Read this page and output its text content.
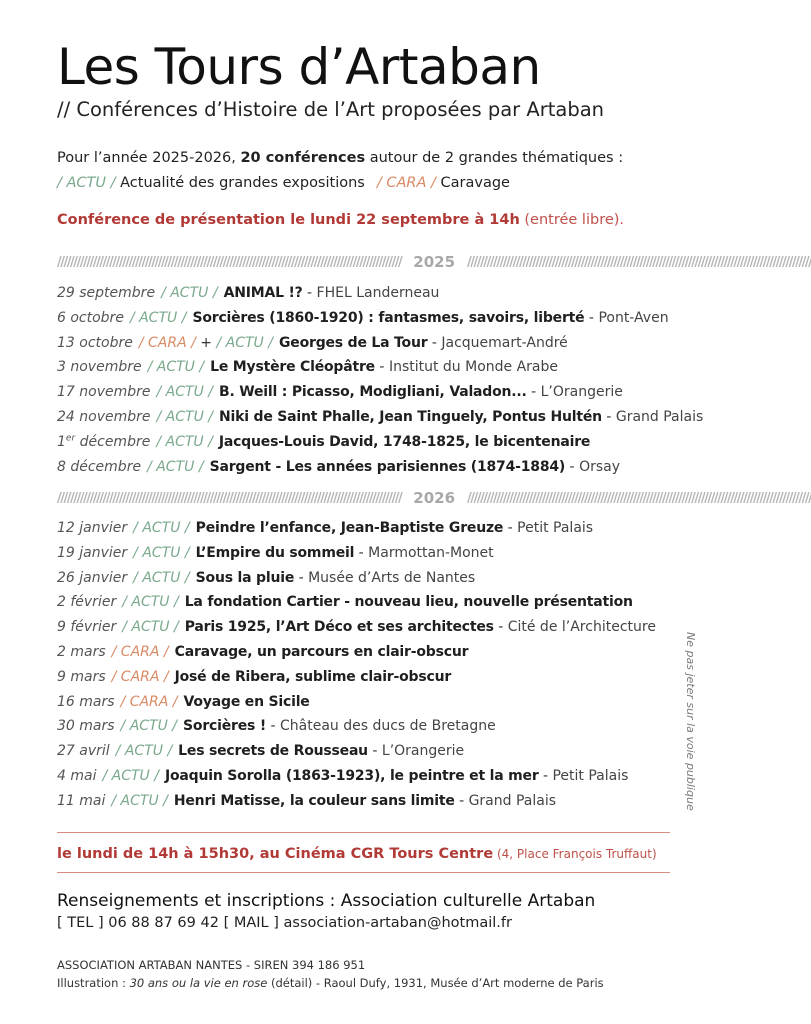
Les Tours d’Artaban
// Conférences d’Histoire de l’Art proposées par Artaban
Pour l’année 2025-2026, 20 conférences autour de 2 grandes thématiques :
/ ACTU / Actualité des grandes expositions / CARA / Caravage
Conférence de présentation le lundi 22 septembre à 14h (entrée libre).
////////////////////////////////////////////////////////////////////////////////////////////////////////// 2025 //////////////////////////////////////////////////////////////////////////////////////////////////////////
29 septembre / ACTU / ANIMAL !? - FHEL Landerneau
6 octobre / ACTU / Sorcières (1860-1920) : fantasmes, savoirs, liberté - Pont-Aven
13 octobre / CARA / + / ACTU / Georges de La Tour - Jacquemart-André
3 novembre / ACTU / Le Mystère Cléopâtre - Institut du Monde Arabe
17 novembre / ACTU / B. Weill : Picasso, Modigliani, Valadon... - L’Orangerie
24 novembre / ACTU / Niki de Saint Phalle, Jean Tinguely, Pontus Hultén - Grand Palais
1er décembre / ACTU / Jacques-Louis David, 1748-1825, le bicentenaire
8 décembre / ACTU / Sargent - Les années parisiennes (1874-1884) - Orsay
////////////////////////////////////////////////////////////////////////////////////////////////////////// 2026 //////////////////////////////////////////////////////////////////////////////////////////////////////////
12 janvier / ACTU / Peindre l’enfance, Jean-Baptiste Greuze - Petit Palais
19 janvier / ACTU / L’Empire du sommeil - Marmottan-Monet
26 janvier / ACTU / Sous la pluie - Musée d’Arts de Nantes
2 février / ACTU / La fondation Cartier - nouveau lieu, nouvelle présentation
9 février / ACTU / Paris 1925, l’Art Déco et ses architectes - Cité de l’Architecture
2 mars / CARA / Caravage, un parcours en clair-obscur
9 mars / CARA / José de Ribera, sublime clair-obscur
16 mars / CARA / Voyage en Sicile
30 mars / ACTU / Sorcières ! - Château des ducs de Bretagne
27 avril / ACTU / Les secrets de Rousseau - L’Orangerie
4 mai / ACTU / Joaquin Sorolla (1863-1923), le peintre et la mer - Petit Palais
11 mai / ACTU / Henri Matisse, la couleur sans limite - Grand Palais	Ne pas jeter sur la voie publique
le lundi de 14h à 15h30, au Cinéma CGR Tours Centre (4, Place François Truffaut)
Renseignements et inscriptions : Association culturelle Artaban
[ TEL ] 06 88 87 69 42 [ MAIL ] association-artaban@hotmail.fr
ASSOCIATION ARTABAN NANTES - SIREN 394 186 951
Illustration : 30 ans ou la vie en rose (détail) - Raoul Dufy, 1931, Musée d’Art moderne de Paris
